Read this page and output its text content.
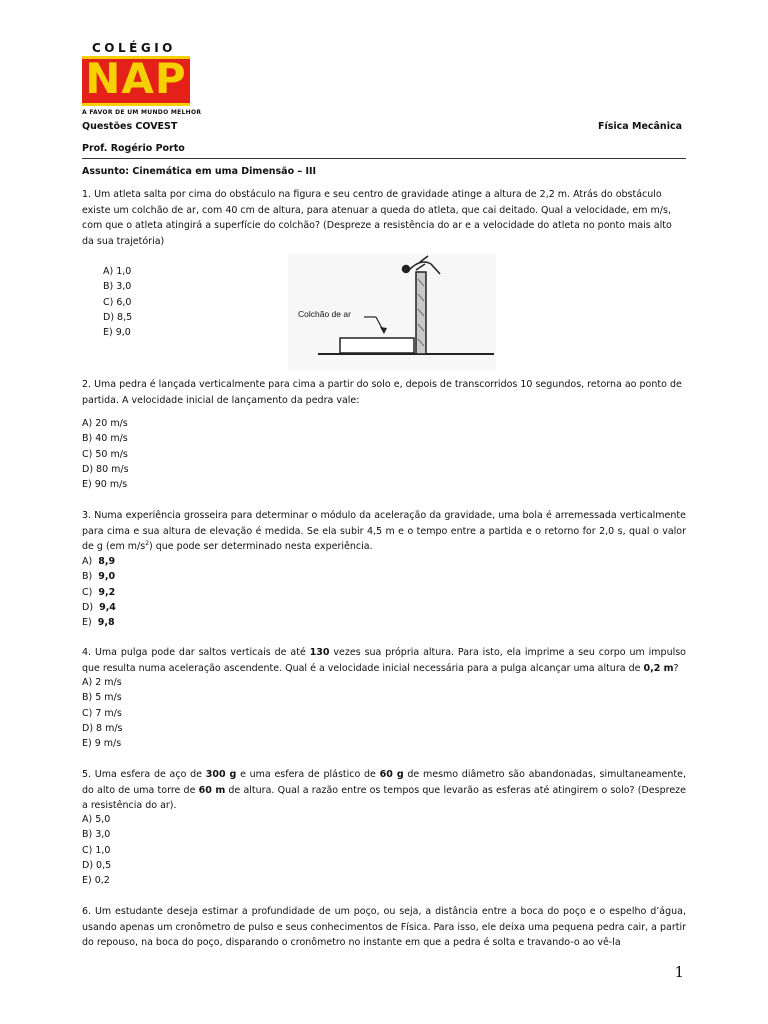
COLÉGIO
NAP
A FAVOR DE UM MUNDO MELHOR
Questões COVEST	Física Mecânica
Prof. Rogério Porto
Assunto: Cinemática em uma Dimensão – III
1. Um atleta salta por cima do obstáculo na figura e seu centro de gravidade atinge a altura de 2,2 m. Atrás do obstáculo existe um colchão de ar, com 40 cm de altura, para atenuar a queda do atleta, que cai deitado. Qual a velocidade, em m/s, com que o atleta atingirá a superfície do colchão? (Despreze a resistência do ar e a velocidade do atleta no ponto mais alto da sua trajetória)
A) 1,0
B) 3,0
C) 6,0
D) 8,5
E) 9,0
Colchão de ar
2. Uma pedra é lançada verticalmente para cima a partir do solo e, depois de transcorridos 10 segundos, retorna ao ponto de partida. A velocidade inicial de lançamento da pedra vale:
A) 20 m/s
B) 40 m/s
C) 50 m/s
D) 80 m/s
E) 90 m/s
3. Numa experiência grosseira para determinar o módulo da aceleração da gravidade, uma bola é arremessada verticalmente para cima e sua altura de elevação é medida. Se ela subir 4,5 m e o tempo entre a partida e o retorno for 2,0 s, qual o valor de g (em $m/s^2$) que pode ser determinado nesta experiência.
A) 8,9
B) 9,0
C) 9,2
D) 9,4
E) 9,8
4. Uma pulga pode dar saltos verticais de até 130 vezes sua própria altura. Para isto, ela imprime a seu corpo um impulso que resulta numa aceleração ascendente. Qual é a velocidade inicial necessária para a pulga alcançar uma altura de 0,2 m?
A) 2 m/s
B) 5 m/s
C) 7 m/s
D) 8 m/s
E) 9 m/s
5. Uma esfera de aço de 300 g e uma esfera de plástico de 60 g de mesmo diâmetro são abandonadas, simultaneamente, do alto de uma torre de 60 m de altura. Qual a razão entre os tempos que levarão as esferas até atingirem o solo? (Despreze a resistência do ar).
A) 5,0
B) 3,0
C) 1,0
D) 0,5
E) 0,2
6. Um estudante deseja estimar a profundidade de um poço, ou seja, a distância entre a boca do poço e o espelho d’água, usando apenas um cronômetro de pulso e seus conhecimentos de Física. Para isso, ele deixa uma pequena pedra cair, a partir do repouso, na boca do poço, disparando o cronômetro no instante em que a pedra é solta e travando-o ao vê-la
1
